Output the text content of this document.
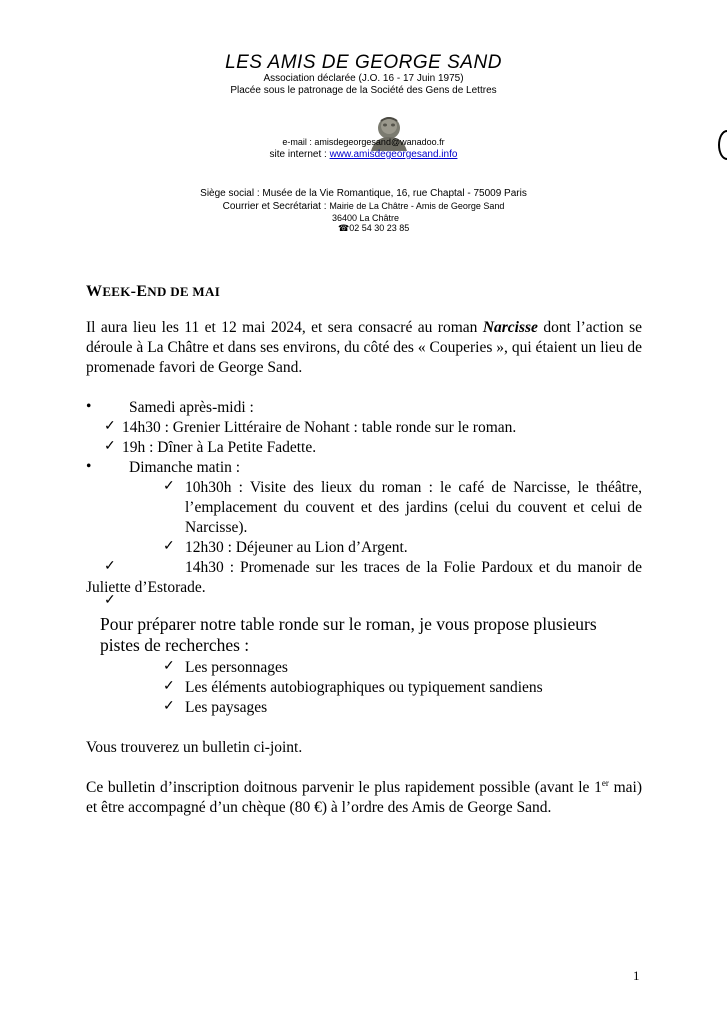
LES AMIS DE GEORGE SAND
Association déclarée (J.O. 16 - 17 Juin 1975)
Placée sous le patronage de la Société des Gens de Lettres
e-mail : amisdegeorgesand@wanadoo.fr
site internet : www.amisdegeorgesand.info
Siège social : Musée de la Vie Romantique, 16, rue Chaptal - 75009 Paris
Courrier et Secrétariat : Mairie de La Châtre - Amis de George Sand
36400 La Châtre
☎02 54 30 23 85
WEEK-END DE MAI
Il aura lieu les 11 et 12 mai 2024, et sera consacré au roman Narcisse dont l’action se déroule à La Châtre et dans ses environs, du côté des « Couperies », qui étaient un lieu de promenade favori de George Sand.
• Samedi après-midi :
✓ 14h30 : Grenier Littéraire de Nohant : table ronde sur le roman.
✓ 19h : Dîner à La Petite Fadette.
• Dimanche matin :
✓ 10h30h : Visite des lieux du roman : le café de Narcisse, le théâtre, l’emplacement du couvent et des jardins (celui du couvent et celui de Narcisse).
✓ 12h30 : Déjeuner au Lion d’Argent.
✓	14h30 : Promenade sur les traces de la Folie Pardoux et du manoir de Juliette d’Estorade.
✓
Pour préparer notre table ronde sur le roman, je vous propose plusieurs pistes de recherches :
✓ Les personnages
✓ Les éléments autobiographiques ou typiquement sandiens
✓ Les paysages
Vous trouverez un bulletin ci-joint.
Ce bulletin d’inscription doitnous parvenir le plus rapidement possible (avant le 1er mai) et être accompagné d’un chèque (80 €) à l’ordre des Amis de George Sand.
1
